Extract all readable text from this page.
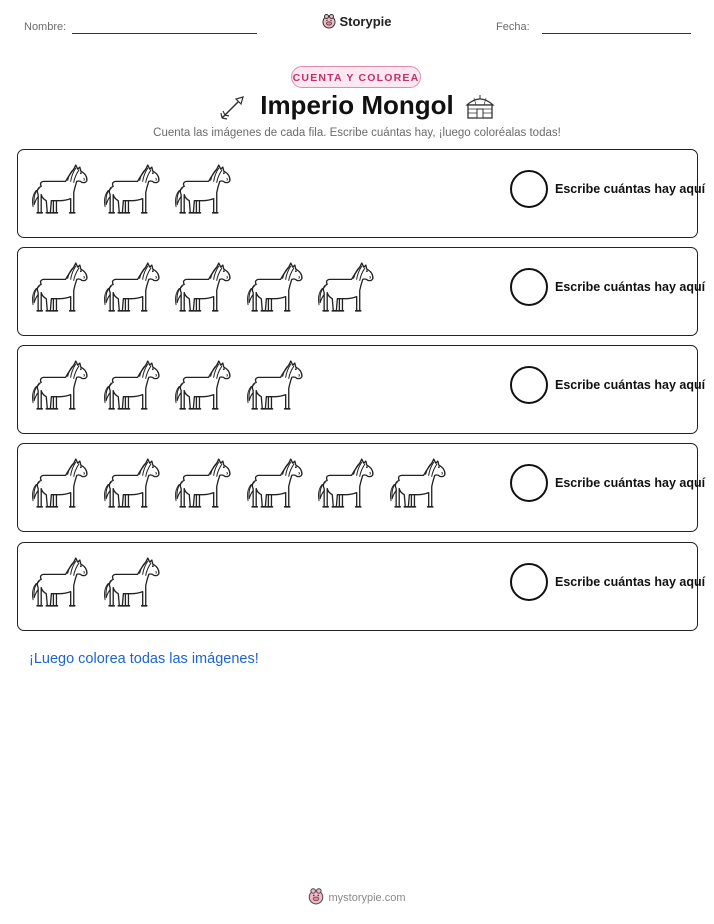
Nombre:	Storypie	Fecha:
CUENTA Y COLOREA
Imperio Mongol
Cuenta las imágenes de cada fila. Escribe cuántas hay, ¡luego coloréalas todas!
Escribe cuántas hay aquí
Escribe cuántas hay aquí
Escribe cuántas hay aquí
Escribe cuántas hay aquí
Escribe cuántas hay aquí
¡Luego colorea todas las imágenes!
mystorypie.com
